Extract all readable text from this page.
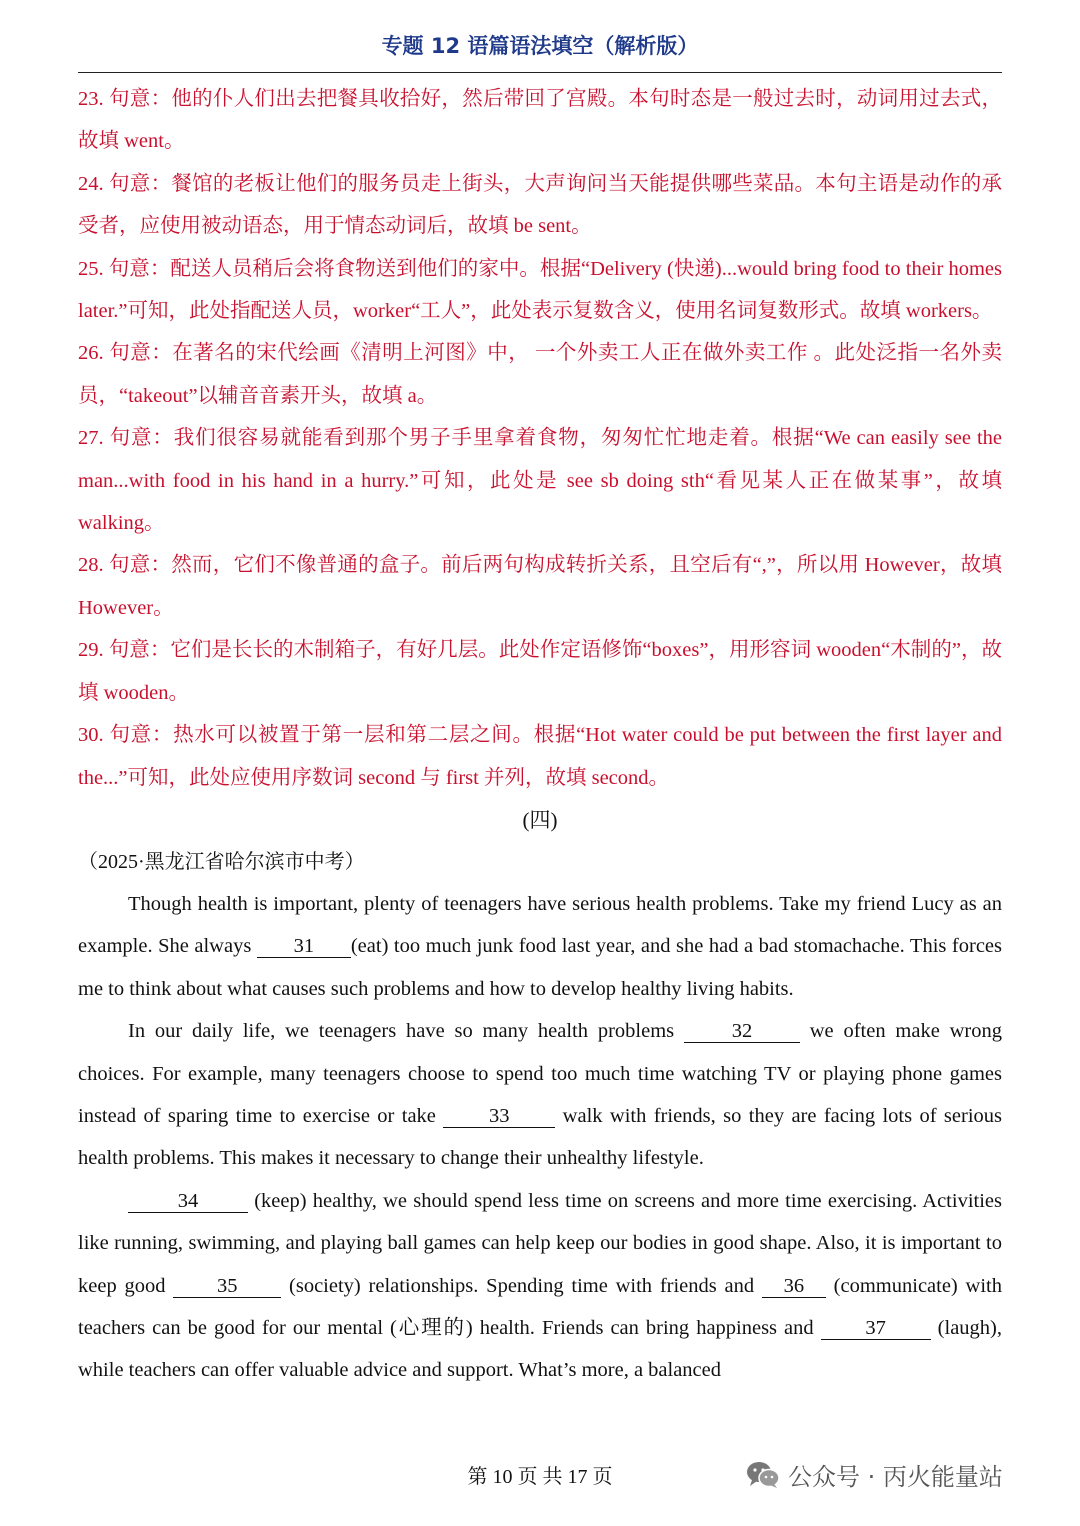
专题 12 语篇语法填空（解析版）

23. 句意：他的仆人们出去把餐具收拾好，然后带回了宫殿。本句时态是一般过去时，动词用过去式，故填 went。

24. 句意：餐馆的老板让他们的服务员走上街头，大声询问当天能提供哪些菜品。本句主语是动作的承受者，应使用被动语态，用于情态动词后，故填 be sent。

25. 句意：配送人员稍后会将食物送到他们的家中。根据“Delivery (快递)...would bring food to their homes later.”可知，此处指配送人员，worker“工人”，此处表示复数含义，使用名词复数形式。故填 workers。

26. 句意：在著名的宋代绘画《清明上河图》中， 一个外卖工人正在做外卖工作 。此处泛指一名外卖员，“takeout”以辅音音素开头，故填 a。

27. 句意：我们很容易就能看到那个男子手里拿着食物，匆匆忙忙地走着。根据“We can easily see the man...with food in his hand in a hurry.”可知，此处是 see sb doing sth“看见某人正在做某事”，故填 walking。

28. 句意：然而，它们不像普通的盒子。前后两句构成转折关系，且空后有“,”，所以用 However，故填 However。

29. 句意：它们是长长的木制箱子，有好几层。此处作定语修饰“boxes”，用形容词 wooden“木制的”，故填 wooden。

30. 句意：热水可以被置于第一层和第二层之间。根据“Hot water could be put between the first layer and the...”可知，此处应使用序数词 second 与 first 并列，故填 second。

(四)

（2025·黑龙江省哈尔滨市中考）

Though health is important, plenty of teenagers have serious health problems. Take my friend Lucy as an example. She always 31 (eat) too much junk food last year, and she had a bad stomachache. This forces me to think about what causes such problems and how to develop healthy living habits.

In our daily life, we teenagers have so many health problems 32 we often make wrong choices. For example, many teenagers choose to spend too much time watching TV or playing phone games instead of sparing time to exercise or take 33 walk with friends, so they are facing lots of serious health problems. This makes it necessary to change their unhealthy lifestyle.

34 (keep) healthy, we should spend less time on screens and more time exercising. Activities like running, swimming, and playing ball games can help keep our bodies in good shape. Also, it is important to keep good 35 (society) relationships. Spending time with friends and 36 (communicate) with teachers can be good for our mental (心理的) health. Friends can bring happiness and 37 (laugh), while teachers can offer valuable advice and support. What’s more, a balanced

第 10 页 共 17 页	公众号 · 丙火能量站
